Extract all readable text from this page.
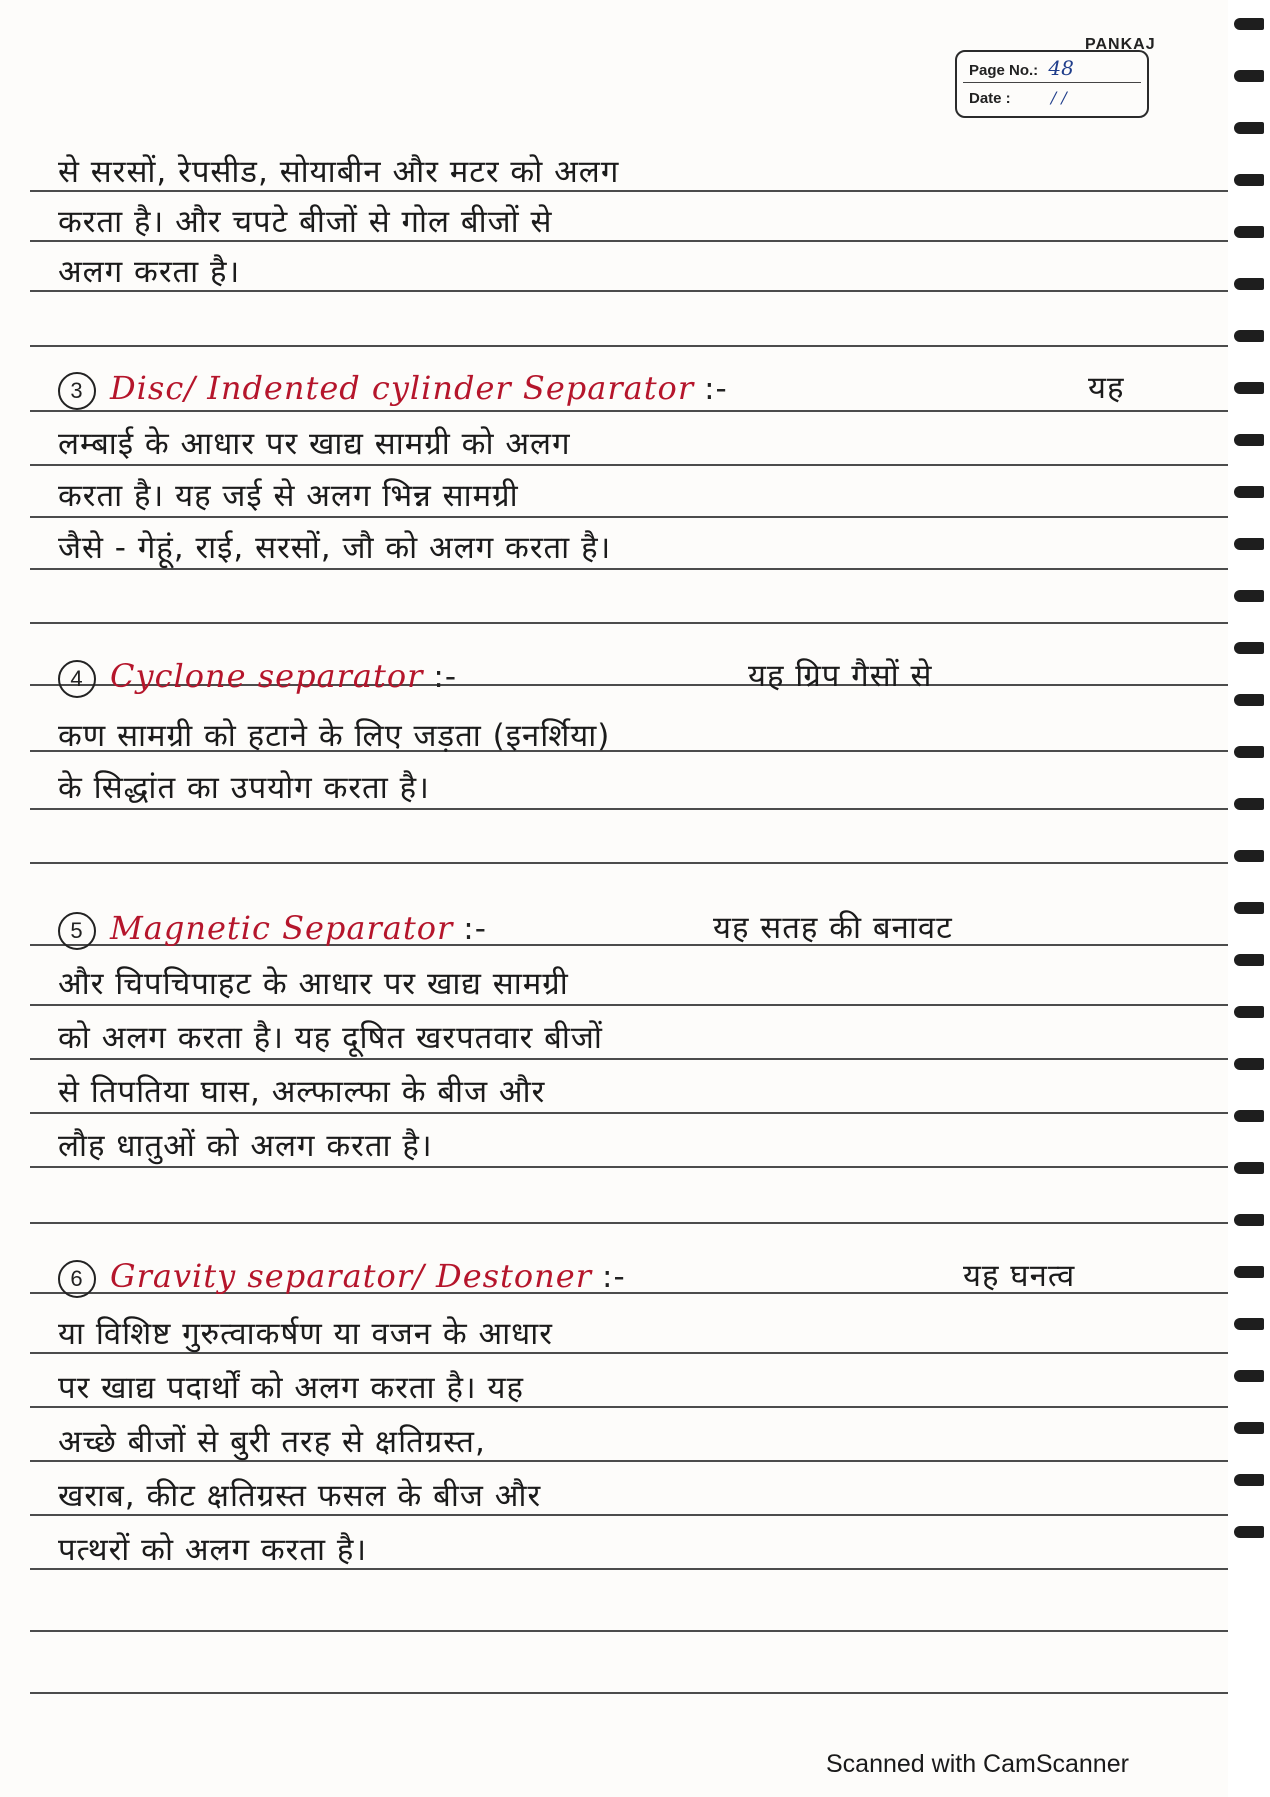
PANKAJ
Page No.: 48
Date :	/ /
से सरसों, रेपसीड, सोयाबीन और मटर को अलग
करता है। और चपटे बीजों से गोल बीजों से
अलग करता है।
3 Disc/ Indented cylinder Separator :-	यह
लम्बाई के आधार पर खाद्य सामग्री को अलग
करता है। यह जई से अलग भिन्न सामग्री
जैसे - गेहूं, राई, सरसों, जौ को अलग करता है।
4 Cyclone separator :-	यह ग्रिप गैसों से
कण सामग्री को हटाने के लिए जड़ता (इनर्शिया)
के सिद्धांत का उपयोग करता है।
5 Magnetic Separator :-	यह सतह की बनावट
और चिपचिपाहट के आधार पर खाद्य सामग्री
को अलग करता है। यह दूषित खरपतवार बीजों
से तिपतिया घास, अल्फाल्फा के बीज और
लौह धातुओं को अलग करता है।
6 Gravity separator/ Destoner :-	यह घनत्व
या विशिष्ट गुरुत्वाकर्षण या वजन के आधार
पर खाद्य पदार्थों को अलग करता है। यह
अच्छे बीजों से बुरी तरह से क्षतिग्रस्त,
खराब, कीट क्षतिग्रस्त फसल के बीज और
पत्थरों को अलग करता है।
Scanned with CamScanner
